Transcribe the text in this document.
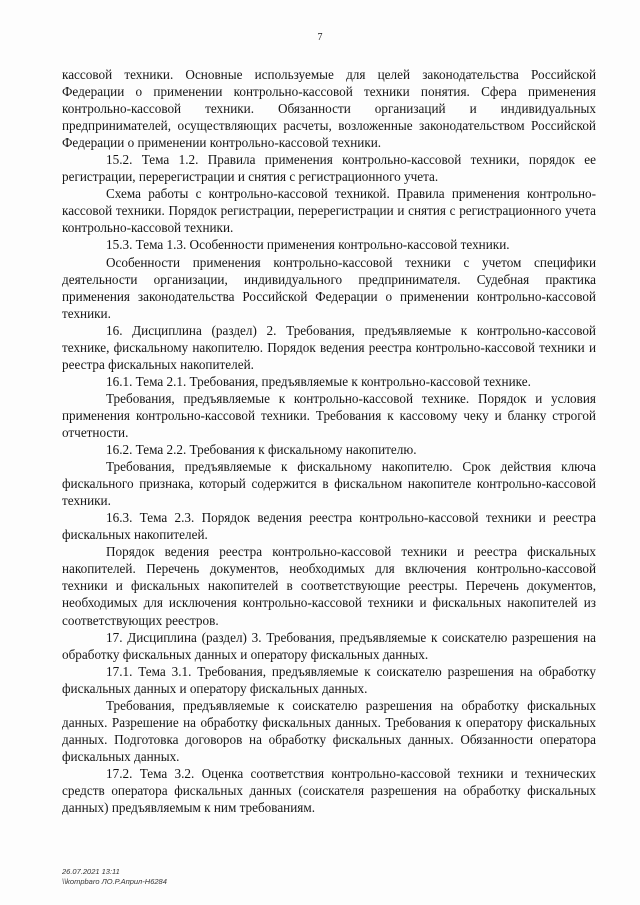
7

кассовой техники. Основные используемые для целей законодательства Российской Федерации о применении контрольно-кассовой техники понятия. Сфера применения контрольно-кассовой техники. Обязанности организаций и индивидуальных предпринимателей, осуществляющих расчеты, возложенные законодательством Российской Федерации о применении контрольно-кассовой техники.

15.2. Тема 1.2. Правила применения контрольно-кассовой техники, порядок ее регистрации, перерегистрации и снятия с регистрационного учета.

Схема работы с контрольно-кассовой техникой. Правила применения контрольно-кассовой техники. Порядок регистрации, перерегистрации и снятия с регистрационного учета контрольно-кассовой техники.

15.3. Тема 1.3. Особенности применения контрольно-кассовой техники.

Особенности применения контрольно-кассовой техники с учетом специфики деятельности организации, индивидуального предпринимателя. Судебная практика применения законодательства Российской Федерации о применении контрольно-кассовой техники.

16. Дисциплина (раздел) 2. Требования, предъявляемые к контрольно-кассовой технике, фискальному накопителю. Порядок ведения реестра контрольно-кассовой техники и реестра фискальных накопителей.

16.1. Тема 2.1. Требования, предъявляемые к контрольно-кассовой технике.

Требования, предъявляемые к контрольно-кассовой технике. Порядок и условия применения контрольно-кассовой техники. Требования к кассовому чеку и бланку строгой отчетности.

16.2. Тема 2.2. Требования к фискальному накопителю.

Требования, предъявляемые к фискальному накопителю. Срок действия ключа фискального признака, который содержится в фискальном накопителе контрольно-кассовой техники.

16.3. Тема 2.3. Порядок ведения реестра контрольно-кассовой техники и реестра фискальных накопителей.

Порядок ведения реестра контрольно-кассовой техники и реестра фискальных накопителей. Перечень документов, необходимых для включения контрольно-кассовой техники и фискальных накопителей в соответствующие реестры. Перечень документов, необходимых для исключения контрольно-кассовой техники и фискальных накопителей из соответствующих реестров.

17. Дисциплина (раздел) 3. Требования, предъявляемые к соискателю разрешения на обработку фискальных данных и оператору фискальных данных.

17.1. Тема 3.1. Требования, предъявляемые к соискателю разрешения на обработку фискальных данных и оператору фискальных данных.

Требования, предъявляемые к соискателю разрешения на обработку фискальных данных. Разрешение на обработку фискальных данных. Требования к оператору фискальных данных. Подготовка договоров на обработку фискальных данных. Обязанности оператора фискальных данных.

17.2. Тема 3.2. Оценка соответствия контрольно-кассовой техники и технических средств оператора фискальных данных (соискателя разрешения на обработку фискальных данных) предъявляемым к ним требованиям.

26.07.2021 13:11
\\kompbaro ЛО.Р.Април-Н6284
